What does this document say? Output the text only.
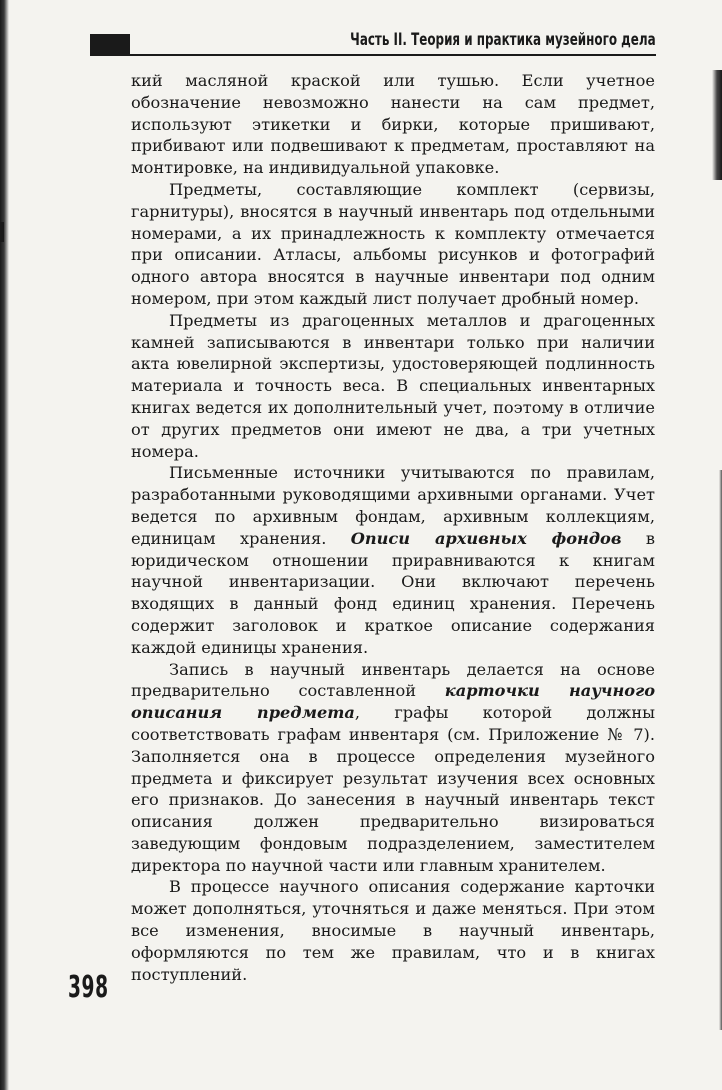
Часть II. Теория и практика музейного дела

кий масляной краской или тушью. Если учетное обозначение невозможно нанести на сам предмет, используют этикетки и бирки, которые пришивают, прибивают или подвешивают к предметам, проставляют на монтировке, на индивидуальной упаковке.

Предметы, составляющие комплект (сервизы, гарнитуры), вносятся в научный инвентарь под отдельными номерами, а их принадлежность к комплекту отмечается при описании. Атласы, альбомы рисунков и фотографий одного автора вносятся в научные инвентари под одним номером, при этом каждый лист получает дробный номер.

Предметы из драгоценных металлов и драгоценных камней записываются в инвентари только при наличии акта ювелирной экспертизы, удостоверяющей подлинность материала и точность веса. В специальных инвентарных книгах ведется их дополнительный учет, поэтому в отличие от других предметов они имеют не два, а три учетных номера.

Письменные источники учитываются по правилам, разработанными руководящими архивными органами. Учет ведется по архивным фондам, архивным коллекциям, единицам хранения. Описи архивных фондов в юридическом отношении приравниваются к книгам научной инвентаризации. Они включают перечень входящих в данный фонд единиц хранения. Перечень содержит заголовок и краткое описание содержания каждой единицы хранения.

Запись в научный инвентарь делается на основе предварительно составленной карточки научного описания предмета, графы которой должны соответствовать графам инвентаря (см. Приложение № 7). Заполняется она в процессе определения музейного предмета и фиксирует результат изучения всех основных его признаков. До занесения в научный инвентарь текст описания должен предварительно визироваться заведующим фондовым подразделением, заместителем директора по научной части или главным хранителем.

В процессе научного описания содержание карточки может дополняться, уточняться и даже меняться. При этом все изменения, вносимые в научный инвентарь, оформляются по тем же правилам, что и в книгах поступлений.

398
